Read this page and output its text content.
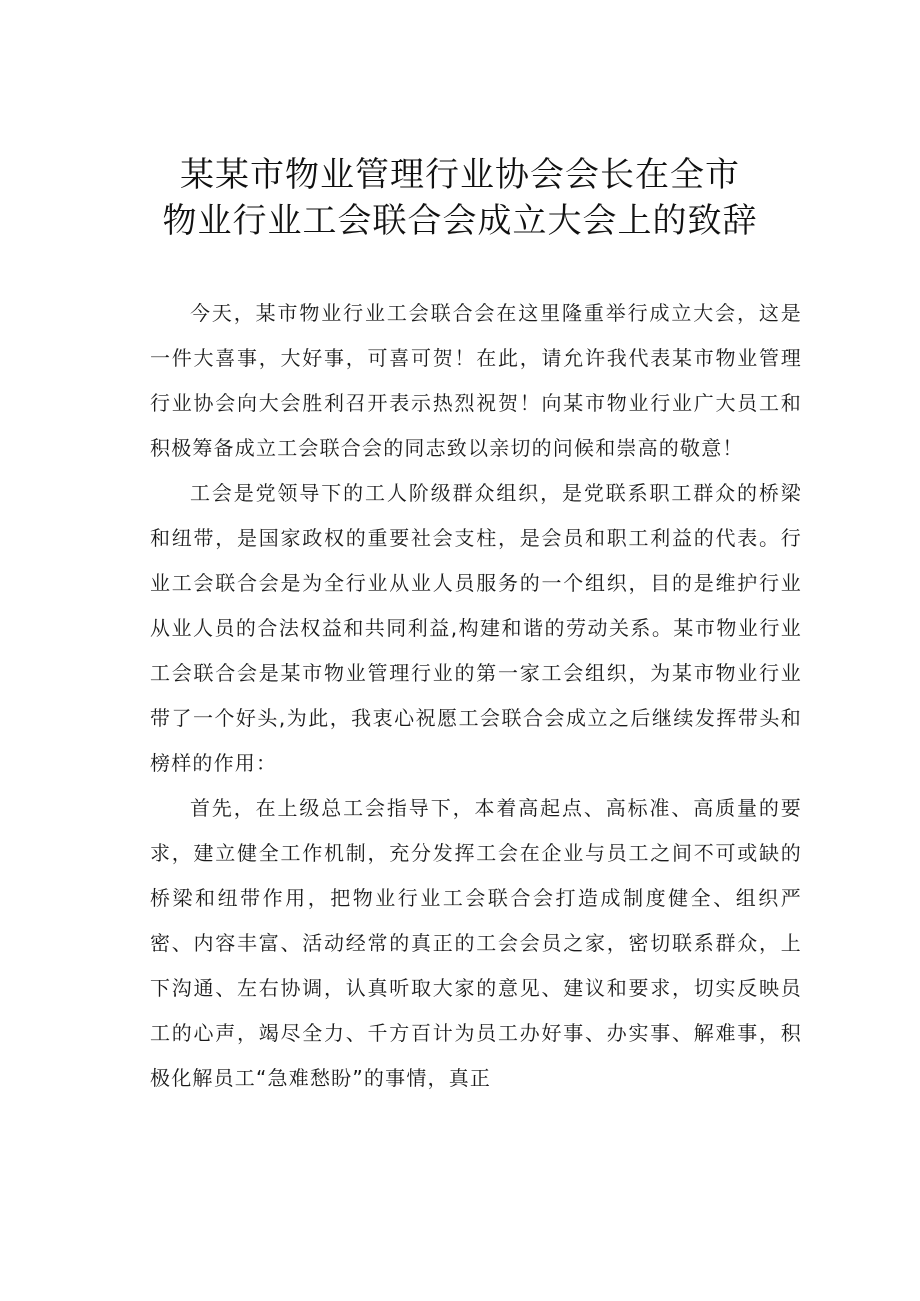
某某市物业管理行业协会会长在全市
物业行业工会联合会成立大会上的致辞

今天，某市物业行业工会联合会在这里隆重举行成立大会，这是一件大喜事，大好事，可喜可贺！在此，请允许我代表某市物业管理行业协会向大会胜利召开表示热烈祝贺！向某市物业行业广大员工和积极筹备成立工会联合会的同志致以亲切的问候和崇高的敬意！

工会是党领导下的工人阶级群众组织，是党联系职工群众的桥梁和纽带，是国家政权的重要社会支柱，是会员和职工利益的代表。行业工会联合会是为全行业从业人员服务的一个组织，目的是维护行业从业人员的合法权益和共同利益,构建和谐的劳动关系。某市物业行业工会联合会是某市物业管理行业的第一家工会组织，为某市物业行业带了一个好头,为此，我衷心祝愿工会联合会成立之后继续发挥带头和榜样的作用：

首先，在上级总工会指导下，本着高起点、高标准、高质量的要求，建立健全工作机制，充分发挥工会在企业与员工之间不可或缺的桥梁和纽带作用，把物业行业工会联合会打造成制度健全、组织严密、内容丰富、活动经常的真正的工会会员之家，密切联系群众，上下沟通、左右协调，认真听取大家的意见、建议和要求，切实反映员工的心声，竭尽全力、千方百计为员工办好事、办实事、解难事，积极化解员工“急难愁盼”的事情，真正
